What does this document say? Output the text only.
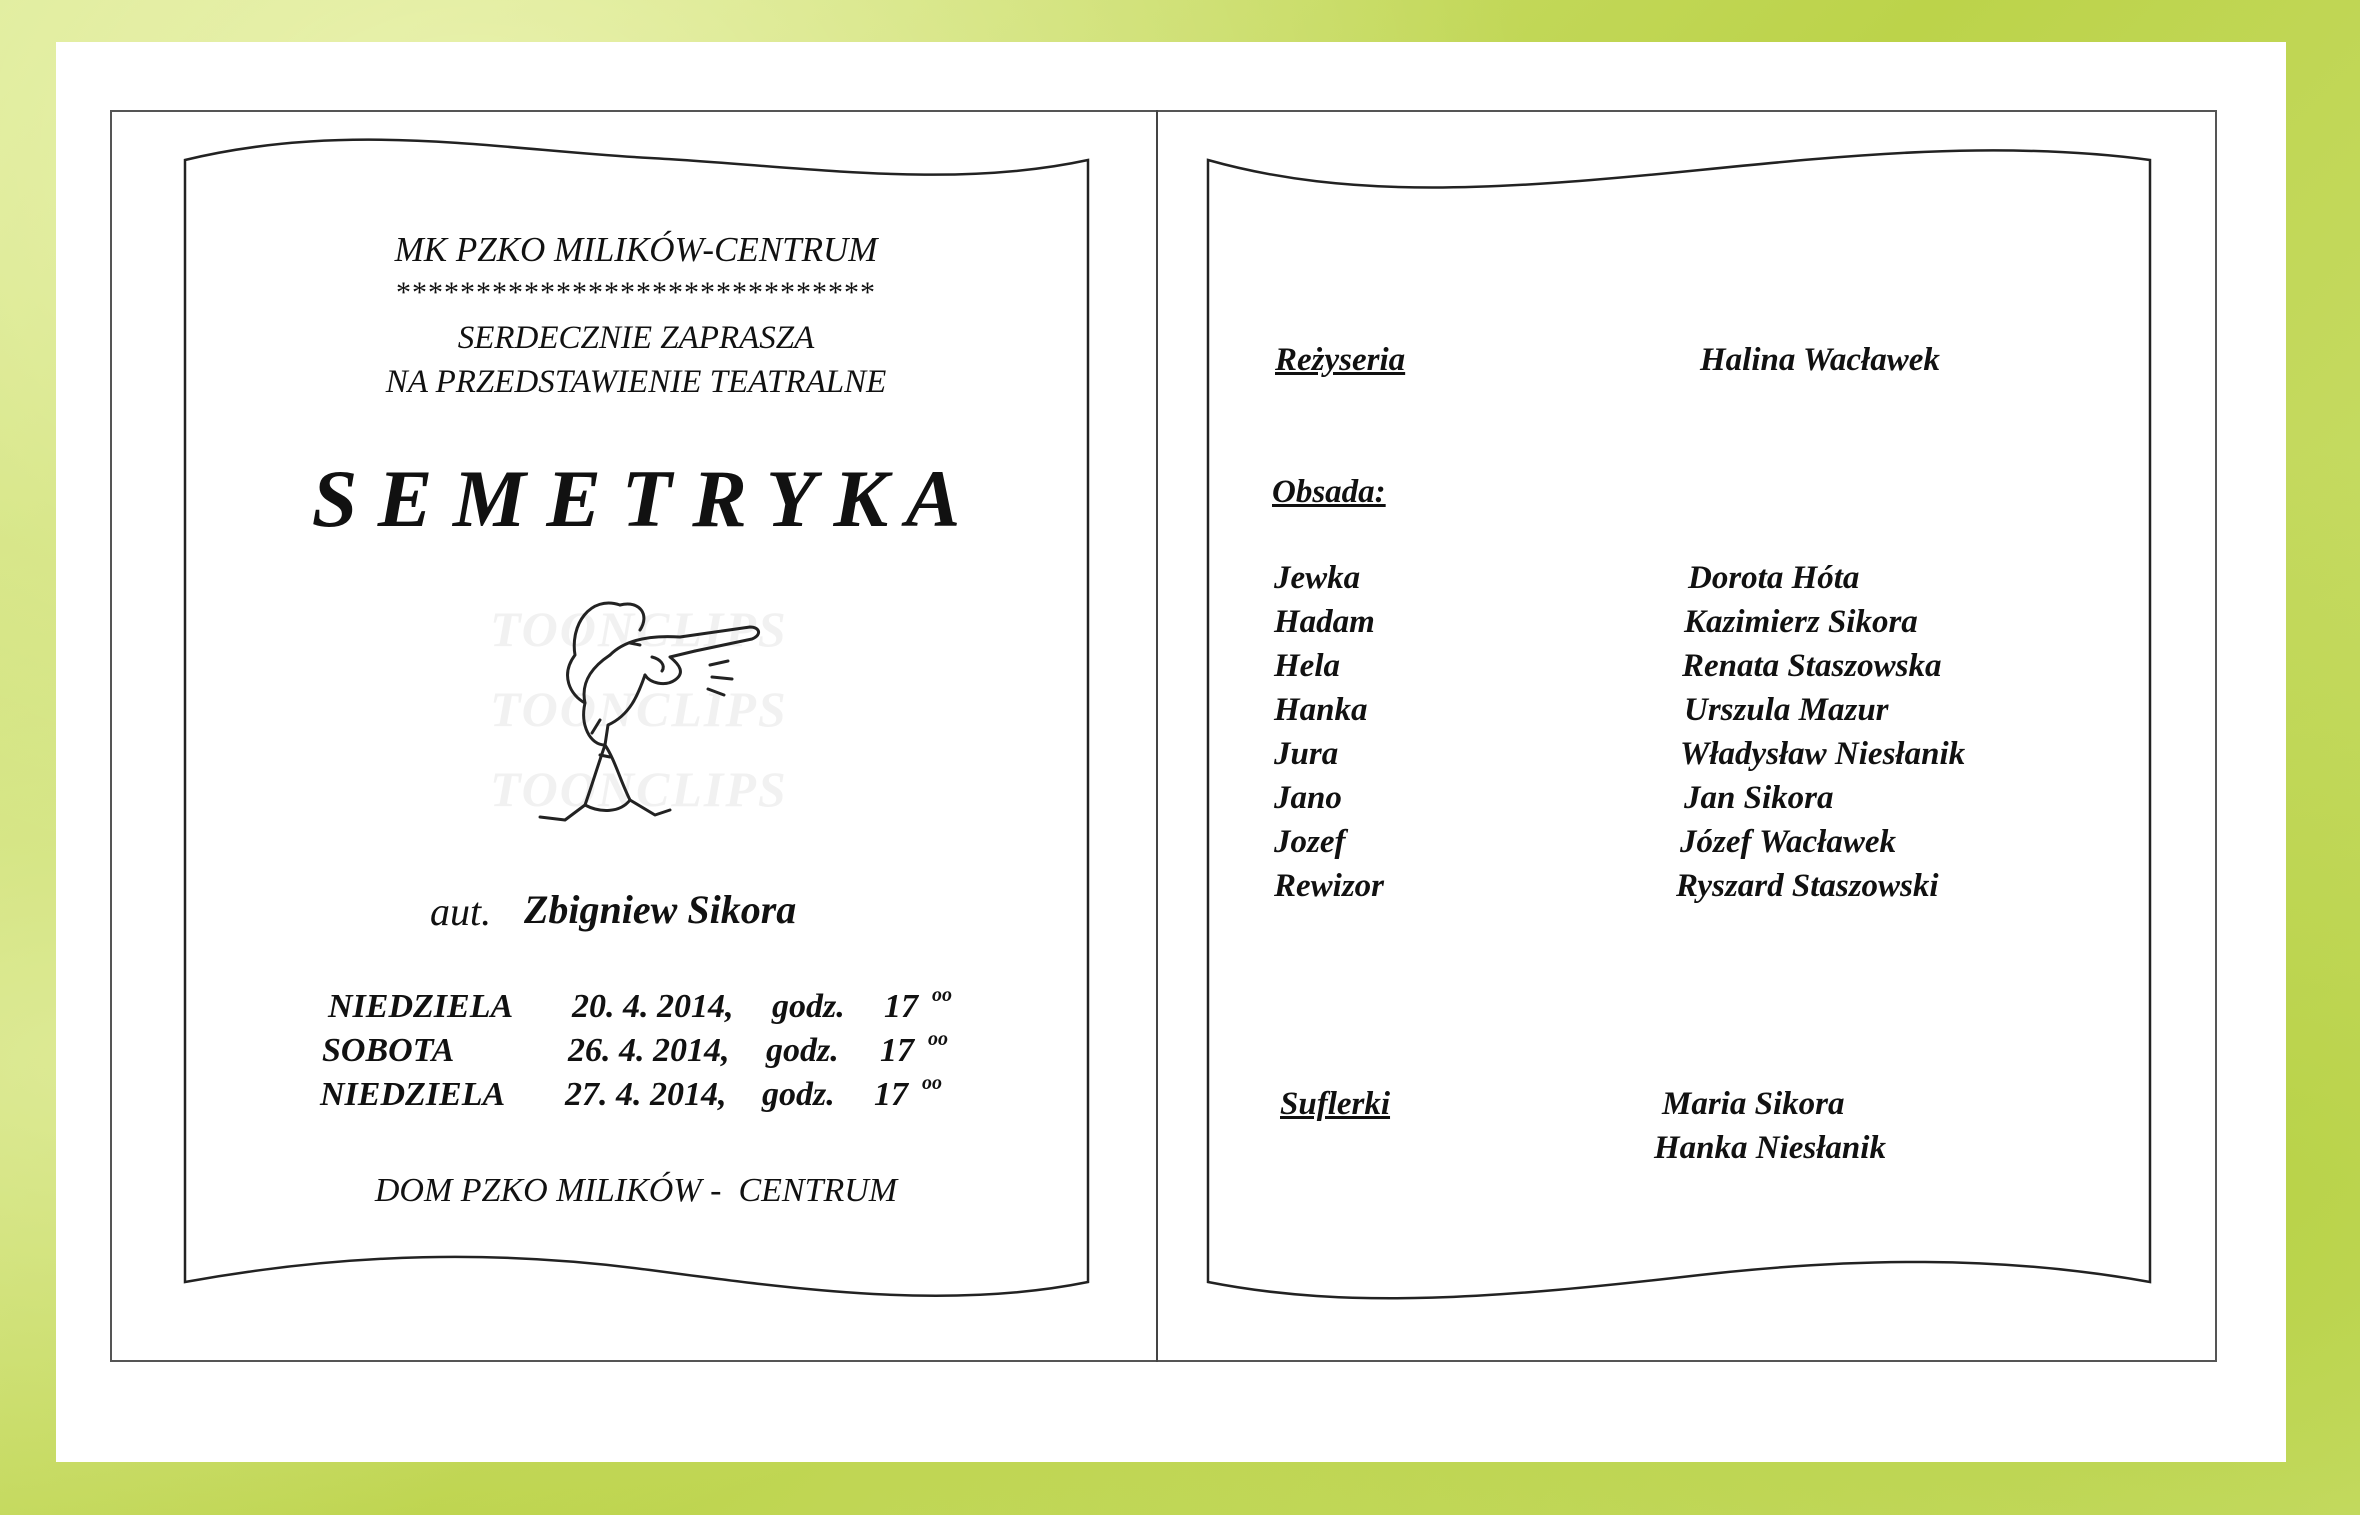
MK PZKO MILIKÓW-CENTRUM
******************************
SERDECZNIE ZAPRASZA
NA PRZEDSTAWIENIE TEATRALNE
S E M E T R Y K A
TOONCLIPS
TOONCLIPS
TOONCLIPS
aut. Zbigniew Sikora
NIEDZIELA 20. 4. 2014, godz. 17 oo
SOBOTA	26. 4. 2014, godz. 17 oo
NIEDZIELA 27. 4. 2014, godz. 17 oo
DOM PZKO MILIKÓW -  CENTRUM
Reżyseria	Halina Wacławek
Obsada:
Jewka	Dorota Hóta
Hadam	Kazimierz Sikora
Hela	Renata Staszowska
Hanka	Urszula Mazur
Jura	Władysław Niesłanik
Jano	Jan Sikora
Jozef	Józef Wacławek
Rewizor	Ryszard Staszowski
Suflerki	Maria Sikora
Hanka Niesłanik
